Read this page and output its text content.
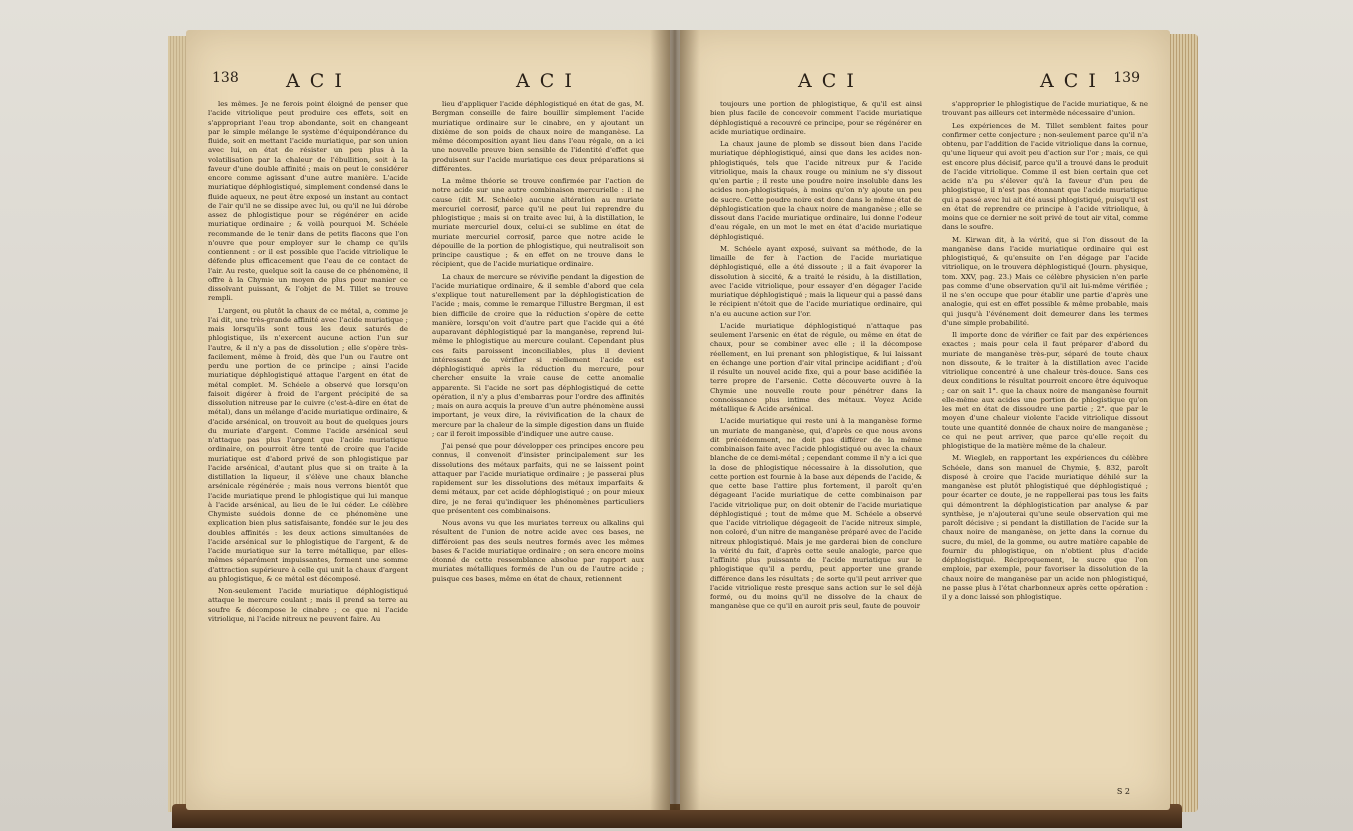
138 A C I	A C I

les mêmes. Je ne ferois point éloigné de penser que l'acide vitriolique peut produire ces effets, soit en s'appropriant l'eau trop abondante, soit en changeant par le simple mélange le système d'équipondérance du fluide, soit en mettant l'acide muriatique, par son union avec lui, en état de résister un peu plus à la volatilisation par la chaleur de l'ébullition, soit à la faveur d'une double affinité ; mais on peut le considérer encore comme agissant d'une autre manière. L'acide muriatique déphlogistiqué, simplement condensé dans le fluide aqueux, ne peut être exposé un instant au contact de l'air qu'il ne se dissipe avec lui, ou qu'il ne lui dérobe assez de phlogistique pour se régénérer en acide muriatique ordinaire ; & voilà pourquoi M. Schéele recommande de le tenir dans de petits flacons que l'on n'ouvre que pour employer sur le champ ce qu'ils contiennent : or il est possible que l'acide vitriolique le défende plus efficacement que l'eau de ce contact de l'air. Au reste, quelque soit la cause de ce phénomène, il offre à la Chymie un moyen de plus pour manier ce dissolvant puissant, & l'objet de M. Tillet se trouve rempli.

L'argent, ou plutôt la chaux de ce métal, a, comme je l'ai dit, une très-grande affinité avec l'acide muriatique ; mais lorsqu'ils sont tous les deux saturés de phlogistique, ils n'exercent aucune action l'un sur l'autre, & il n'y a pas de dissolution ; elle s'opère très-facilement, même à froid, dès que l'un ou l'autre ont perdu une portion de ce principe ; ainsi l'acide muriatique déphlogistiqué attaque l'argent en état de métal complet. M. Schéele a observé que lorsqu'on faisoit digérer à froid de l'argent précipité de sa dissolution nitreuse par le cuivre (c'est-à-dire en état de métal), dans un mélange d'acide muriatique ordinaire, & d'acide arsénical, on trouvoit au bout de quelques jours du muriate d'argent. Comme l'acide arsénical seul n'attaque pas plus l'argent que l'acide muriatique ordinaire, on pourroit être tenté de croire que l'acide muriatique est d'abord privé de son phlogistique par l'acide arsénical, d'autant plus que si on traite à la distillation la liqueur, il s'élève une chaux blanche arsénicale régénérée ; mais nous verrons bientôt que l'acide muriatique prend le phlogistique qui lui manque à l'acide arsénical, au lieu de le lui céder. Le célèbre Chymiste suédois donne de ce phénomène une explication bien plus satisfaisante, fondée sur le jeu des doubles affinités : les deux actions simultanées de l'acide arsénical sur le phlogistique de l'argent, & de l'acide muriatique sur la terre métallique, par elles-mêmes séparément impuissantes, forment une somme d'attraction supérieure à celle qui unit la chaux d'argent au phlogistique, & ce métal est décomposé.

Non-seulement l'acide muriatique déphlogistiqué attaque le mercure coulant ; mais il prend sa terre au soufre & décompose le cinabre ; ce que ni l'acide vitriolique, ni l'acide nitreux ne peuvent faire. Au

lieu d'appliquer l'acide déphlogistiqué en état de gas, M. Bergman conseille de faire bouillir simplement l'acide muriatique ordinaire sur le cinabre, en y ajoutant un dixième de son poids de chaux noire de manganèse. La même décomposition ayant lieu dans l'eau régale, on a ici une nouvelle preuve bien sensible de l'identité d'effet que produisent sur l'acide muriatique ces deux préparations si différentes.

La même théorie se trouve confirmée par l'action de notre acide sur une autre combinaison mercurielle : il ne cause (dit M. Schéele) aucune altération au muriate mercuriel corrosif, parce qu'il ne peut lui reprendre du phlogistique ; mais si on traite avec lui, à la distillation, le muriate mercuriel doux, celui-ci se sublime en état de muriate mercuriel corrosif, parce que notre acide le dépouille de la portion de phlogistique, qui neutralisoit son principe caustique ; & en effet on ne trouve dans le récipient, que de l'acide muriatique ordinaire.

La chaux de mercure se révivifie pendant la digestion de l'acide muriatique ordinaire, & il semble d'abord que cela s'explique tout naturellement par la déphlogistication de l'acide ; mais, comme le remarque l'illustre Bergman, il est bien difficile de croire que la réduction s'opère de cette manière, lorsqu'on voit d'autre part que l'acide qui a été auparavant déphlogistiqué par la manganèse, reprend lui-même le phlogistique au mercure coulant. Cependant plus ces faits paroissent inconciliables, plus il devient intéressant de vérifier si réellement l'acide est déphlogistiqué après la réduction du mercure, pour chercher ensuite la vraie cause de cette anomalie apparente. Si l'acide ne sort pas déphlogistiqué de cette opération, il n'y a plus d'embarras pour l'ordre des affinités ; mais on aura acquis la preuve d'un autre phénomène aussi important, je veux dire, la révivification de la chaux de mercure par la chaleur de la simple digestion dans un fluide ; car il feroit impossible d'indiquer une autre cause.

J'ai pensé que pour développer ces principes encore peu connus, il convenoit d'insister principalement sur les dissolutions des métaux parfaits, qui ne se laissent point attaquer par l'acide muriatique ordinaire ; je passerai plus rapidement sur les dissolutions des métaux imparfaits & demi métaux, par cet acide déphlogistiqué ; on pour mieux dire, je ne ferai qu'indiquer les phénomènes particuliers que présentent ces combinaisons.

Nous avons vu que les muriates terreux ou alkalins qui résultent de l'union de notre acide avec ces bases, ne différoient pas des seuls neutres formés avec les mêmes bases & l'acide muriatique ordinaire ; on sera encore moins étonné de cette ressemblance absolue par rapport aux muriates métalliques formés de l'un ou de l'autre acide ; puisque ces bases, même en état de chaux, retiennent

A C I	A C I 139

toujours une portion de phlogistique, & qu'il est ainsi bien plus facile de concevoir comment l'acide muriatique déphlogistiqué a recouvré ce principe, pour se régénérer en acide muriatique ordinaire.

La chaux jaune de plomb se dissout bien dans l'acide muriatique déphlogistiqué, ainsi que dans les acides non-phlogistiqués, tels que l'acide nitreux pur & l'acide vitriolique, mais la chaux rouge ou minium ne s'y dissout qu'en partie ; il reste une poudre noire insoluble dans les acides non-phlogistiqués, à moins qu'on n'y ajoute un peu de sucre. Cette poudre noire est donc dans le même état de déphlogistication que la chaux noire de manganèse ; elle se dissout dans l'acide muriatique ordinaire, lui donne l'odeur d'eau régale, en un mot le met en état d'acide muriatique déphlogistiqué.

M. Schéele ayant exposé, suivant sa méthode, de la limaille de fer à l'action de l'acide muriatique déphlogistiqué, elle a été dissoute ; il a fait évaporer la dissolution à siccité, & a traité le résidu, à la distillation, avec l'acide vitriolique, pour essayer d'en dégager l'acide muriatique déphlogistiqué ; mais la liqueur qui a passé dans le récipient n'étoit que de l'acide muriatique ordinaire, qui n'a eu aucune action sur l'or.

L'acide muriatique déphlogistiqué n'attaque pas seulement l'arsenic en état de régule, ou même en état de chaux, pour se combiner avec elle ; il la décompose réellement, en lui prenant son phlogistique, & lui laissant en échange une portion d'air vital principe acidifiant ; d'où il résulte un nouvel acide fixe, qui a pour base acidifiée la terre propre de l'arsenic. Cette découverte ouvre à la Chymie une nouvelle route pour pénétrer dans la connoissance plus intime des métaux. Voyez Acide métallique & Acide arsénical.

L'acide muriatique qui reste uni à la manganèse forme un muriate de manganèse, qui, d'après ce que nous avons dit précédemment, ne doit pas différer de la même combinaison faite avec l'acide phlogistiqué ou avec la chaux blanche de ce demi-métal ; cependant comme il n'y a ici que la dose de phlogistique nécessaire à la dissolution, que cette portion est fournie à la base aux dépends de l'acide, & que cette base l'attire plus fortement, il paroît qu'en dégageant l'acide muriatique de cette combinaison par l'acide vitriolique pur, on doit obtenir de l'acide muriatique déphlogistiqué ; tout de même que M. Schéele a observé que l'acide vitriolique dégageoit de l'acide nitreux simple, non coloré, d'un nitre de manganèse préparé avec de l'acide nitreux phlogistiqué. Mais je me garderai bien de conclure la vérité du fait, d'après cette seule analogie, parce que l'affinité plus puissante de l'acide muriatique sur le phlogistique qu'il a perdu, peut apporter une grande différence dans les résultats ; de sorte qu'il peut arriver que l'acide vitriolique reste presque sans action sur le sel déjà formé, ou du moins qu'il ne dissolve de la chaux de manganèse que ce qu'il en auroit pris seul, faute de pouvoir

s'approprier le phlogistique de l'acide muriatique, & ne trouvant pas ailleurs cet intermède nécessaire d'union.

Les expériences de M. Tillet semblent faites pour confirmer cette conjecture ; non-seulement parce qu'il n'a obtenu, par l'addition de l'acide vitriolique dans la cornue, qu'une liqueur qui avoit peu d'action sur l'or ; mais, ce qui est encore plus décisif, parce qu'il a trouvé dans le produit de l'acide vitriolique. Comme il est bien certain que cet acide n'a pu s'élever qu'à la faveur d'un peu de phlogistique, il n'est pas étonnant que l'acide muriatique qui a passé avec lui ait été aussi phlogistiqué, puisqu'il est en état de reprendre ce principe à l'acide vitriolique, à moins que ce dernier ne soit privé de tout air vital, comme dans le soufre.

M. Kirwan dit, à la vérité, que si l'on dissout de la manganèse dans l'acide muriatique ordinaire qui est phlogistiqué, & qu'ensuite on l'en dégage par l'acide vitriolique, on le trouvera déphlogistiqué (Journ. physique, tom. XXV, pag. 23.) Mais ce célèbre physicien n'en parle pas comme d'une observation qu'il ait lui-même vérifiée ; il ne s'en occupe que pour établir une partie d'après une analogie, qui est en effet possible & même probable, mais qui jusqu'à l'événement doit demeurer dans les termes d'une simple probabilité.

Il importe donc de vérifier ce fait par des expériences exactes ; mais pour cela il faut préparer d'abord du muriate de manganèse très-pur, séparé de toute chaux non dissoute, & le traiter à la distillation avec l'acide vitriolique concentré à une chaleur très-douce. Sans ces deux conditions le résultat pourroit encore être équivoque ; car on sait 1°. que la chaux noire de manganèse fournit elle-même aux acides une portion de phlogistique qu'on les met en état de dissoudre une partie ; 2°. que par le moyen d'une chaleur violente l'acide vitriolique dissout toute une quantité donnée de chaux noire de manganèse ; ce qui ne peut arriver, que parce qu'elle reçoit du phlogistique de la matière même de la chaleur.

M. Wiegleb, en rapportant les expériences du célèbre Schéele, dans son manuel de Chymie, §. 832, paroît disposé à croire que l'acide muriatique déhilé sur la manganèse est plutôt phlogistiqué que déphlogistiqué ; pour écarter ce doute, je ne rappellerai pas tous les faits qui démontrent la déphlogistication par analyse & par synthèse, je n'ajouterai qu'une seule observation qui me paroît décisive ; si pendant la distillation de l'acide sur la chaux noire de manganèse, on jette dans la cornue du sucre, du miel, de la gomme, ou autre matière capable de fournir du phlogistique, on n'obtient plus d'acide déphlogistiqué. Réciproquement, le sucre que l'on emploie, par exemple, pour favoriser la dissolution de la chaux noire de manganèse par un acide non phlogistiqué, ne passe plus à l'état charbonneux après cette opération : il y a donc laissé son phlogistique.

S 2
